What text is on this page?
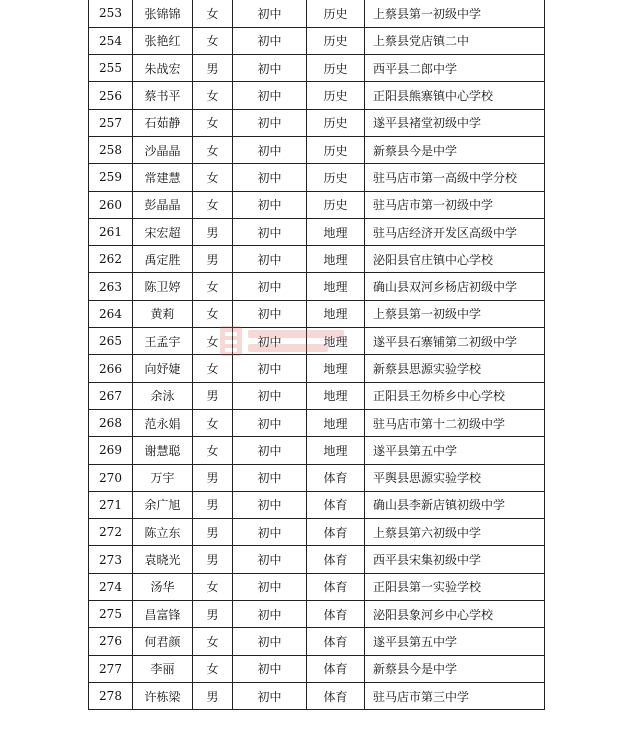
253	张锦锦	女	初中	历史	上蔡县第一初级中学
254	张艳红	女	初中	历史	上蔡县党店镇二中
255	朱战宏	男	初中	历史	西平县二郎中学
256	蔡书平	女	初中	历史	正阳县熊寨镇中心学校
257	石茹静	女	初中	历史	遂平县褚堂初级中学
258	沙晶晶	女	初中	历史	新蔡县今是中学
259	常建慧	女	初中	历史	驻马店市第一高级中学分校
260	彭晶晶	女	初中	历史	驻马店市第一初级中学
261	宋宏超	男	初中	地理	驻马店经济开发区高级中学
262	禹定胜	男	初中	地理	泌阳县官庄镇中心学校
263	陈卫婷	女	初中	地理	确山县双河乡杨店初级中学
264	黄莉	女	初中	地理	上蔡县第一初级中学
265	王孟宇	女	初中	地理	遂平县石寨铺第二初级中学
266	向妤婕	女	初中	地理	新蔡县思源实验学校
267	余泳	男	初中	地理	正阳县王勿桥乡中心学校
268	范永娟	女	初中	地理	驻马店市第十二初级中学
269	谢慧聪	女	初中	地理	遂平县第五中学
270	万宇	男	初中	体育	平舆县思源实验学校
271	余广旭	男	初中	体育	确山县李新店镇初级中学
272	陈立东	男	初中	体育	上蔡县第六初级中学
273	袁晓光	男	初中	体育	西平县宋集初级中学
274	汤华	女	初中	体育	正阳县第一实验学校
275	昌富锋	男	初中	体育	泌阳县象河乡中心学校
276	何君颜	女	初中	体育	遂平县第五中学
277	李丽	女	初中	体育	新蔡县今是中学
278	许栋梁	男	初中	体育	驻马店市第三中学
